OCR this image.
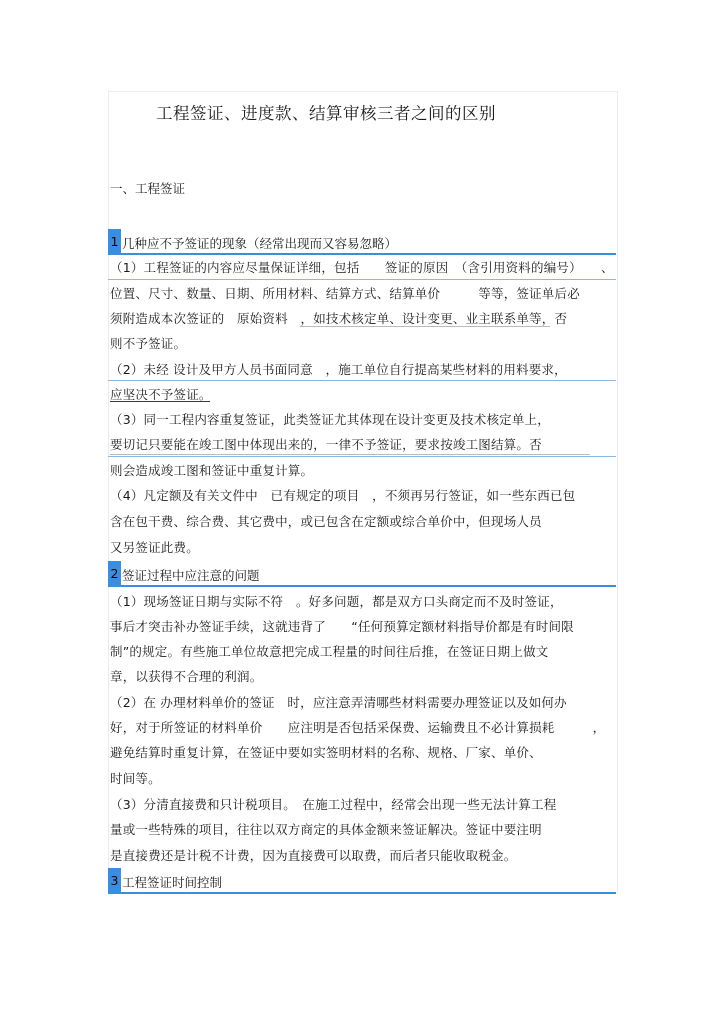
工程签证、进度款、结算审核三者之间的区别
一、工程签证
1 几种应不予签证的现象（经常出现而又容易忽略）
（1）工程签证的内容应尽量保证详细，包括　　签证的原因　（含引用资料的编号）　　、
位置、尺寸、数量、日期、所用材料、结算方式、结算单价　　　等等，签证单后必
须附造成本次签证的　原始资料　，如技术核定单、设计变更、业主联系单等，否
则不予签证。
（2）未经 设计及甲方人员书面同意　，施工单位自行提高某些材料的用料要求，
应坚决不予签证。
（3）同一工程内容重复签证，此类签证尤其体现在设计变更及技术核定单上，
要切记只要能在竣工图中体现出来的，一律不予签证，要求按竣工图结算。否
则会造成竣工图和签证中重复计算。
（4）凡定额及有关文件中　已有规定的项目　，不须再另行签证，如一些东西已包
含在包干费、综合费、其它费中，或已包含在定额或综合单价中，但现场人员
又另签证此费。
2 签证过程中应注意的问题
（1）现场签证日期与实际不符　。好多问题，都是双方口头商定而不及时签证，
事后才突击补办签证手续，这就违背了　　“任何预算定额材料指导价都是有时间限
制”的规定。有些施工单位故意把完成工程量的时间往后推，在签证日期上做文
章，以获得不合理的利润。
（2）在 办理材料单价的签证　时，应注意弄清哪些材料需要办理签证以及如何办
好，对于所签证的材料单价　　应注明是否包括采保费、运输费且不必计算损耗　　　，
避免结算时重复计算，在签证中要如实签明材料的名称、规格、厂家、单价、
时间等。
（3）分清直接费和只计税项目。　在施工过程中，经常会出现一些无法计算工程
量或一些特殊的项目，往往以双方商定的具体金额来签证解决。签证中要注明
是直接费还是计税不计费，因为直接费可以取费，而后者只能收取税金。
3 工程签证时间控制
